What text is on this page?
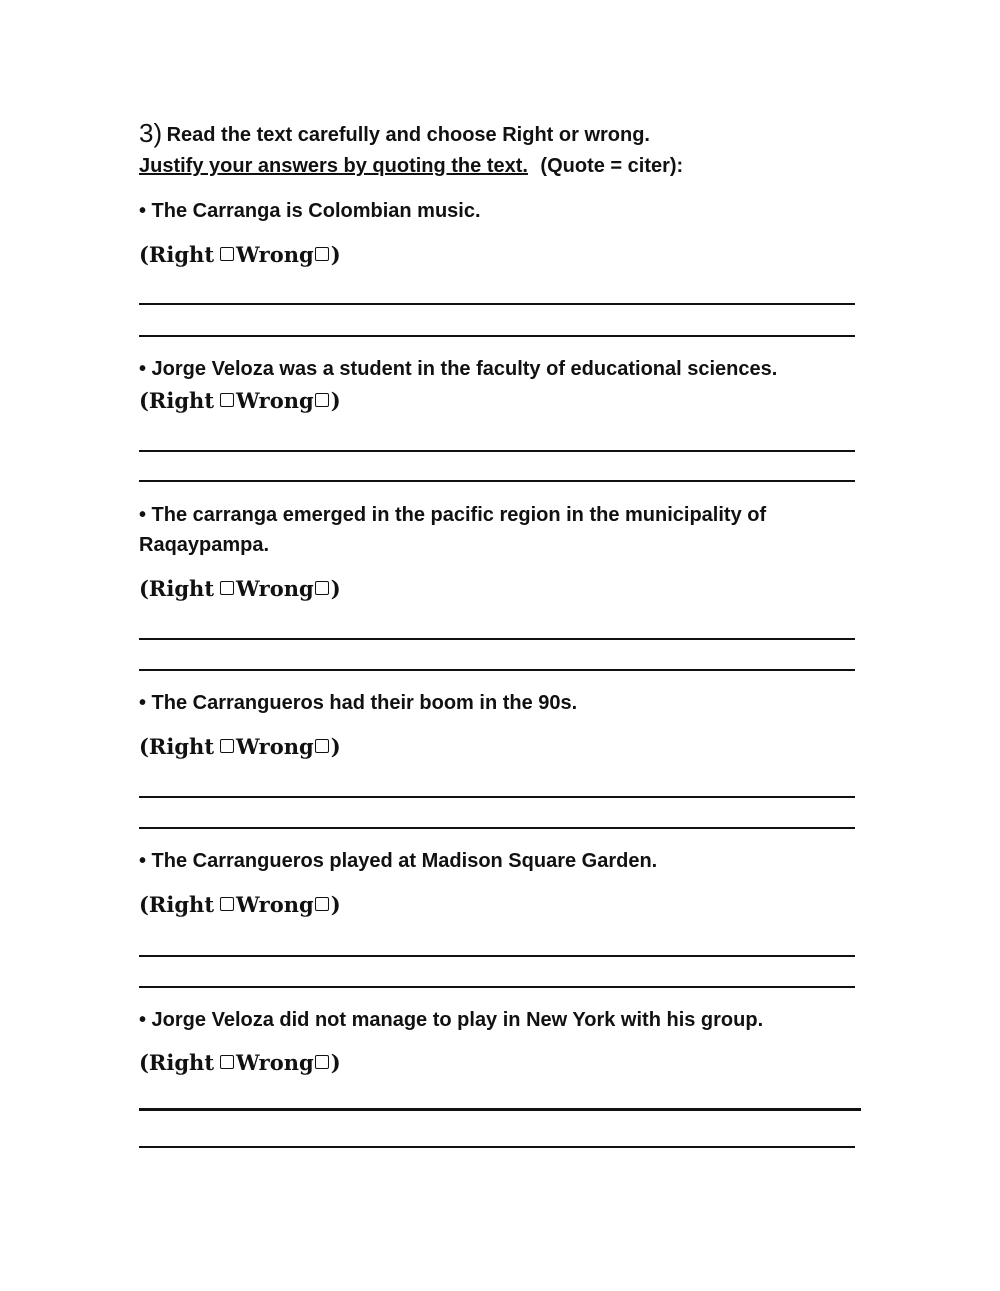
3) Read the text carefully and choose Right or wrong.
Justify your answers by quoting the text. (Quote = citer):
• The Carranga is Colombian music.
(Right Wrong )
• Jorge Veloza was a student in the faculty of educational sciences.
(Right Wrong )
• The carranga emerged in the pacific region in the municipality of
Raqaypampa.
(Right Wrong )
• The Carrangueros had their boom in the 90s.
(Right Wrong )
• The Carrangueros played at Madison Square Garden.
(Right Wrong )
• Jorge Veloza did not manage to play in New York with his group.
(Right Wrong )
